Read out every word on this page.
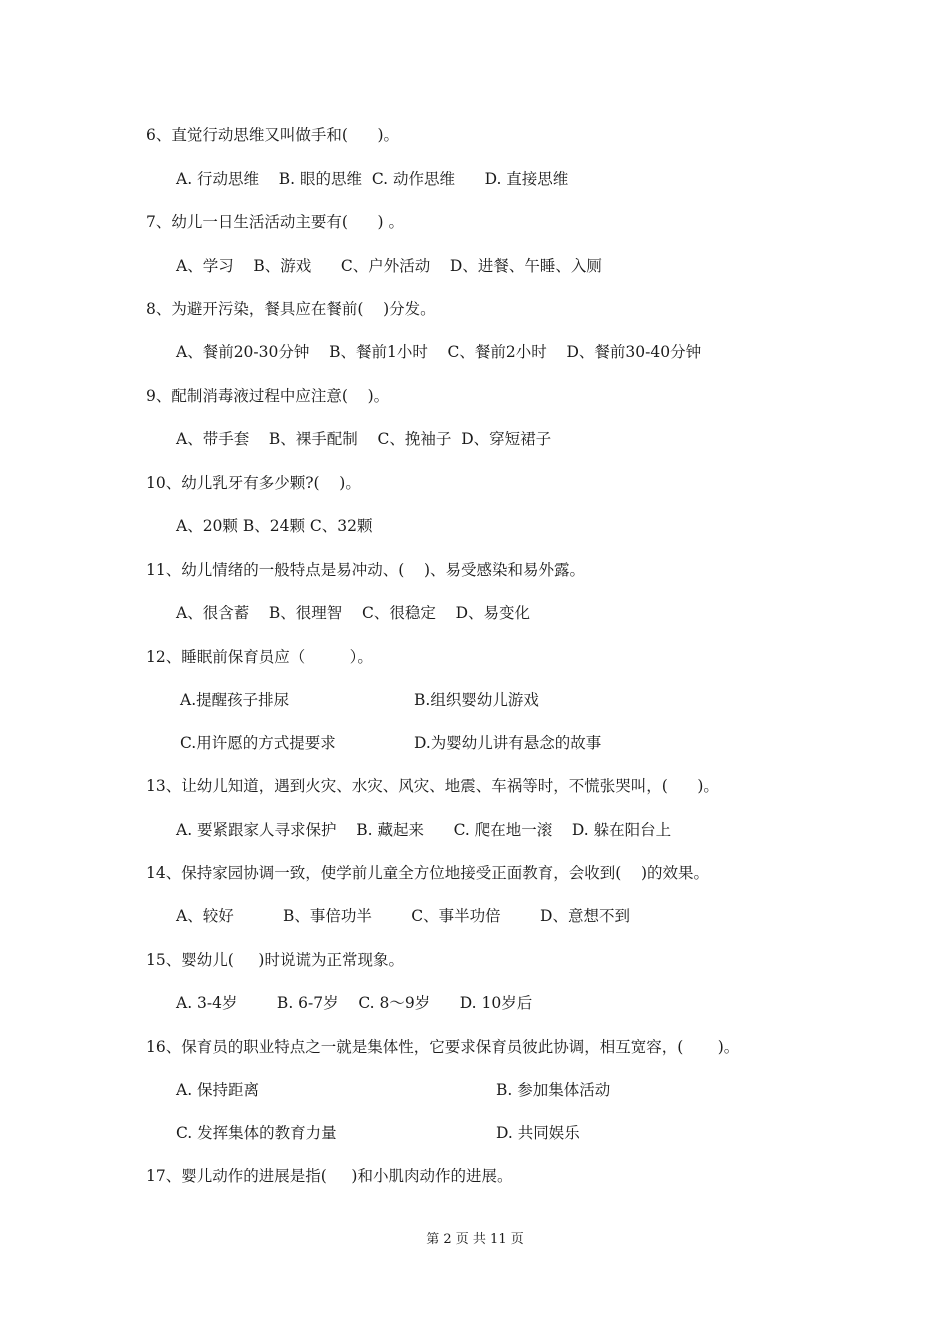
6、直觉行动思维又叫做手和(      )。
A. 行动思维    B. 眼的思维  C. 动作思维      D. 直接思维
7、幼儿一日生活活动主要有(      ) 。
A、学习    B、游戏      C、户外活动    D、进餐、午睡、入厕
8、为避开污染，餐具应在餐前(    )分发。
A、餐前20-30分钟    B、餐前1小时    C、餐前2小时    D、餐前30-40分钟
9、配制消毒液过程中应注意(    )。
A、带手套    B、裸手配制    C、挽袖子  D、穿短裙子
10、幼儿乳牙有多少颗?(    )。
A、20颗 B、24颗 C、32颗
11、幼儿情绪的一般特点是易冲动、(    )、易受感染和易外露。
A、很含蓄    B、很理智    C、很稳定    D、易变化
12、睡眠前保育员应（         ）。
A.提醒孩子排尿	B.组织婴幼儿游戏
C.用许愿的方式提要求	D.为婴幼儿讲有悬念的故事
13、让幼儿知道，遇到火灾、水灾、风灾、地震、车祸等时，不慌张哭叫，(      )。
A. 要紧跟家人寻求保护    B. 藏起来      C. 爬在地一滚    D. 躲在阳台上
14、保持家园协调一致，使学前儿童全方位地接受正面教育，会收到(    )的效果。
A、较好          B、事倍功半        C、事半功倍        D、意想不到
15、婴幼儿(     )时说谎为正常现象。
A. 3-4岁        B. 6-7岁    C. 8～9岁      D. 10岁后
16、保育员的职业特点之一就是集体性，它要求保育员彼此协调，相互宽容，(       )。
A. 保持距离	B. 参加集体活动
C. 发挥集体的教育力量	D. 共同娱乐
17、婴儿动作的进展是指(     )和小肌肉动作的进展。
第 2 页 共 11 页
